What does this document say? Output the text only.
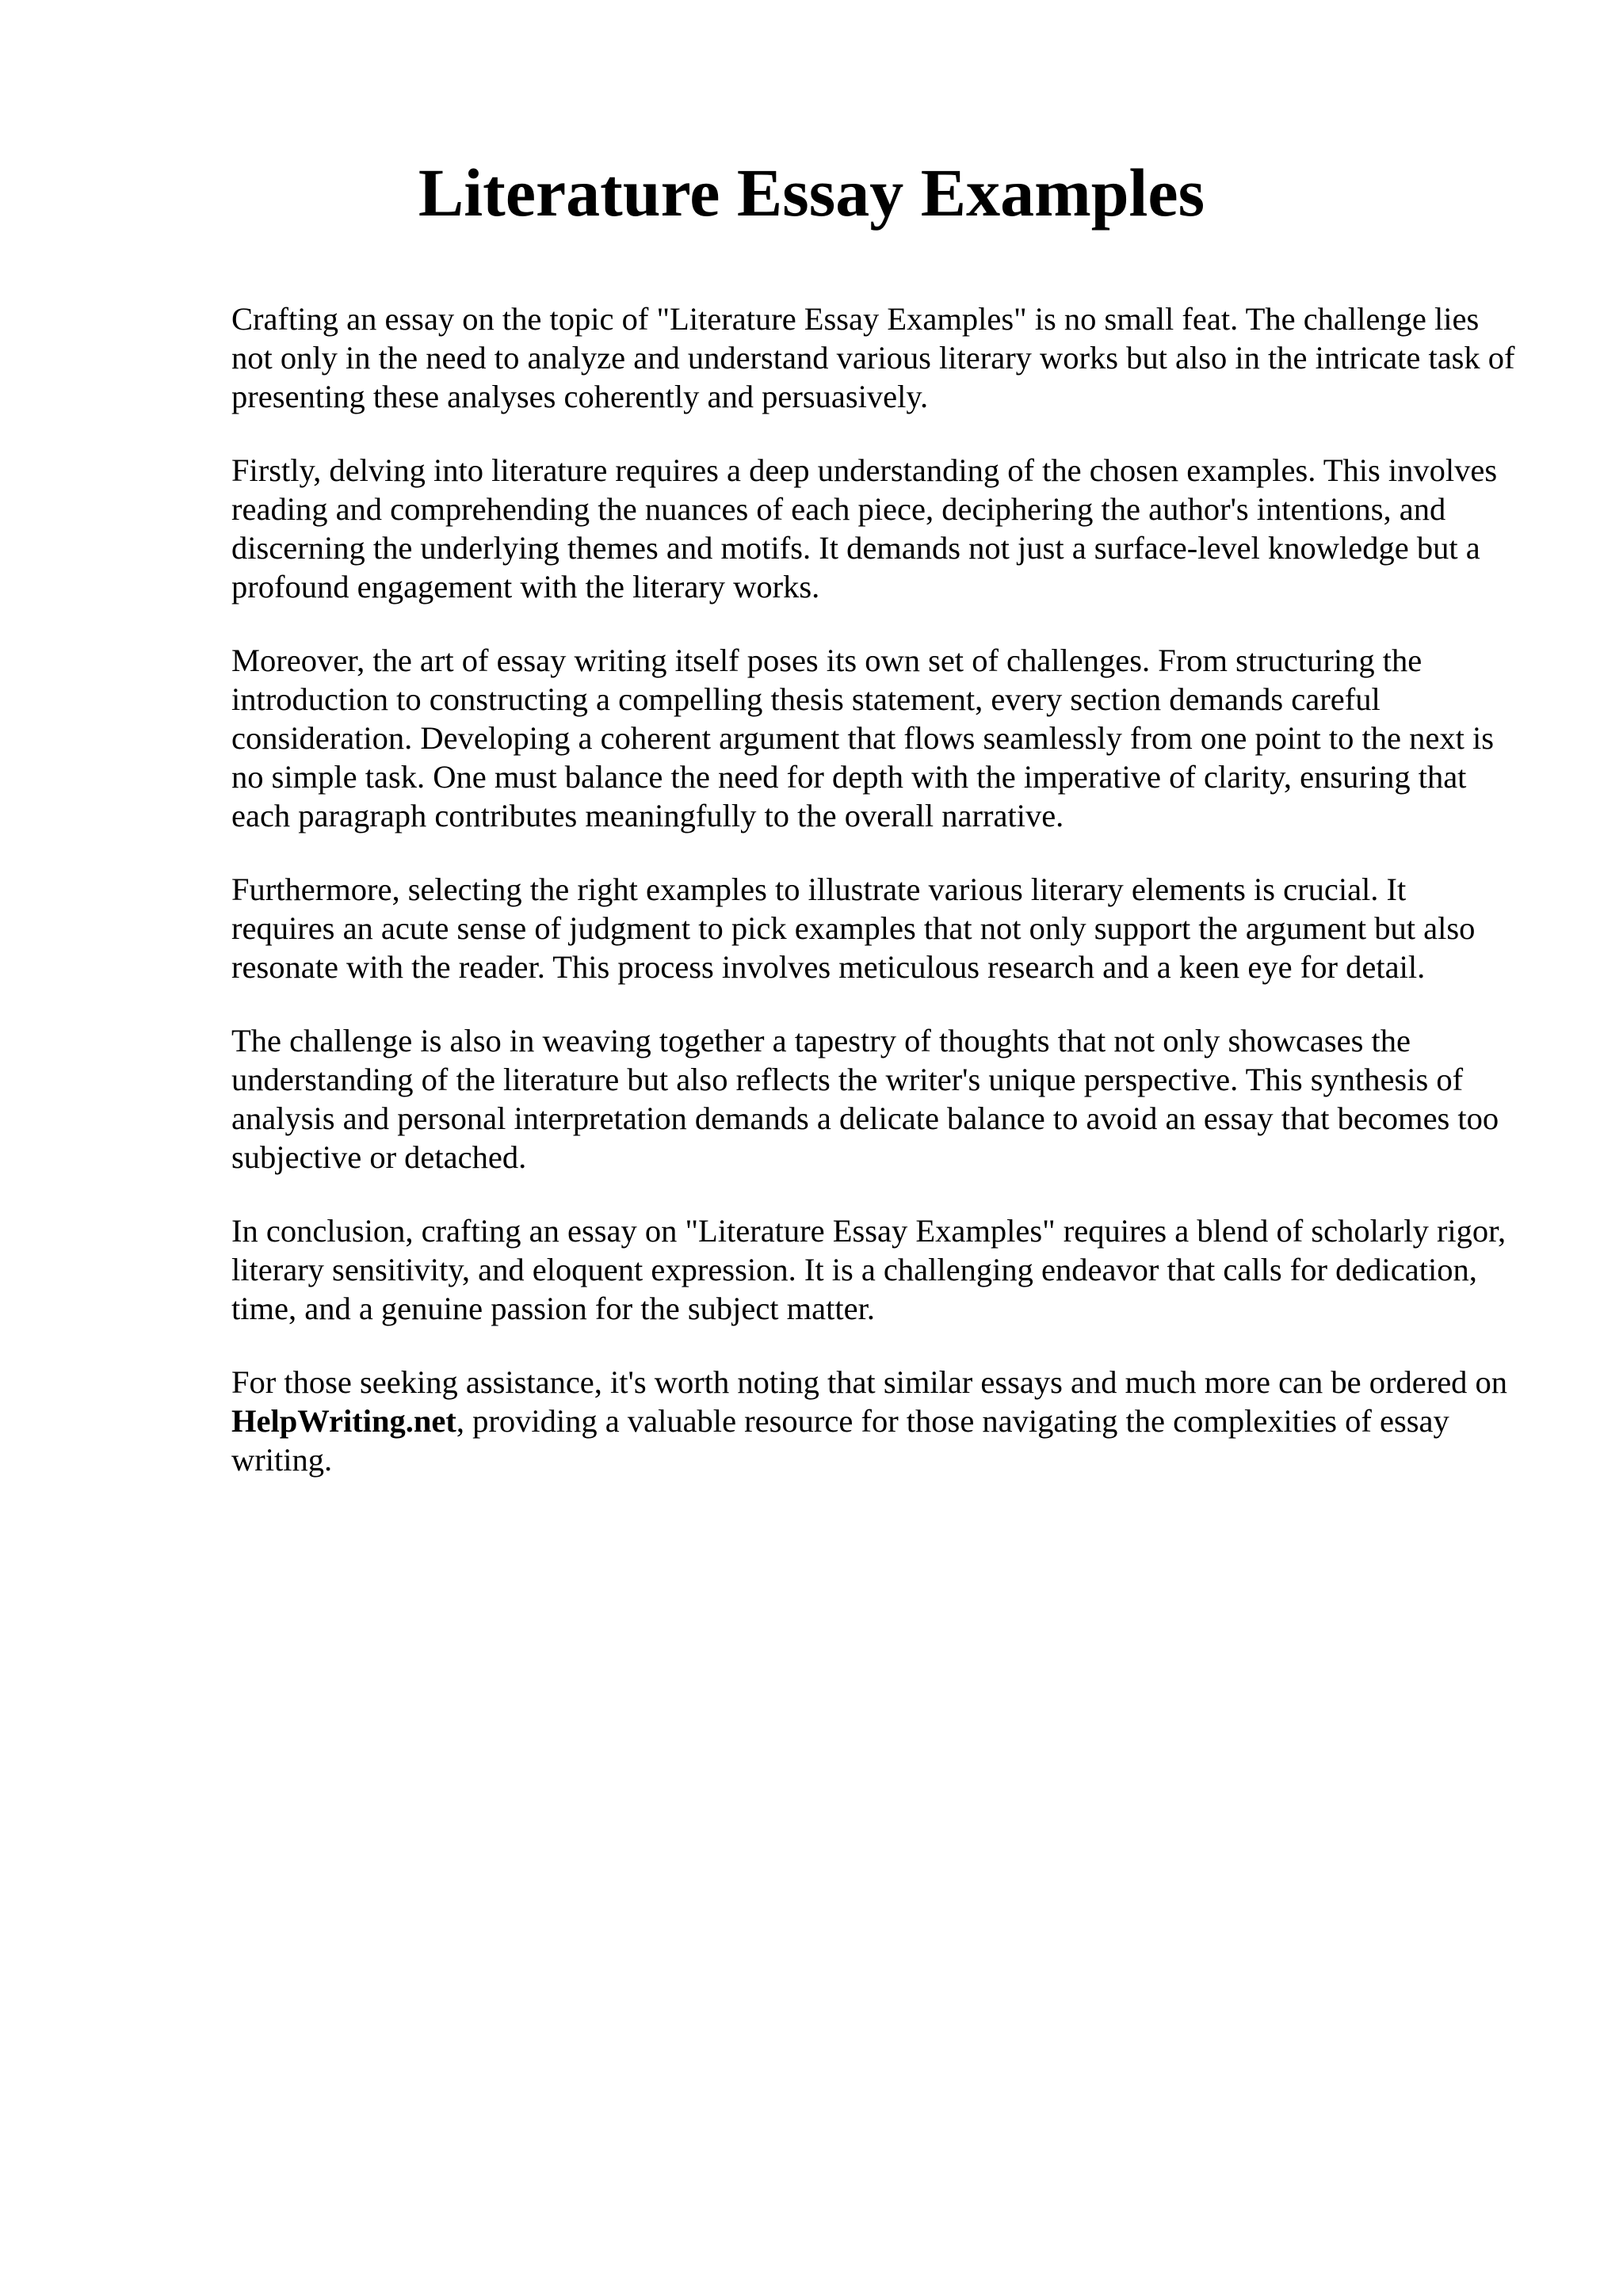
Literature Essay Examples

Crafting an essay on the topic of "Literature Essay Examples" is no small feat. The challenge lies not only in the need to analyze and understand various literary works but also in the intricate task of presenting these analyses coherently and persuasively.

Firstly, delving into literature requires a deep understanding of the chosen examples. This involves reading and comprehending the nuances of each piece, deciphering the author's intentions, and discerning the underlying themes and motifs. It demands not just a surface-level knowledge but a profound engagement with the literary works.

Moreover, the art of essay writing itself poses its own set of challenges. From structuring the introduction to constructing a compelling thesis statement, every section demands careful consideration. Developing a coherent argument that flows seamlessly from one point to the next is no simple task. One must balance the need for depth with the imperative of clarity, ensuring that each paragraph contributes meaningfully to the overall narrative.

Furthermore, selecting the right examples to illustrate various literary elements is crucial. It requires an acute sense of judgment to pick examples that not only support the argument but also resonate with the reader. This process involves meticulous research and a keen eye for detail.

The challenge is also in weaving together a tapestry of thoughts that not only showcases the understanding of the literature but also reflects the writer's unique perspective. This synthesis of analysis and personal interpretation demands a delicate balance to avoid an essay that becomes too subjective or detached.

In conclusion, crafting an essay on "Literature Essay Examples" requires a blend of scholarly rigor, literary sensitivity, and eloquent expression. It is a challenging endeavor that calls for dedication, time, and a genuine passion for the subject matter.

For those seeking assistance, it's worth noting that similar essays and much more can be ordered on HelpWriting.net, providing a valuable resource for those navigating the complexities of essay writing.
